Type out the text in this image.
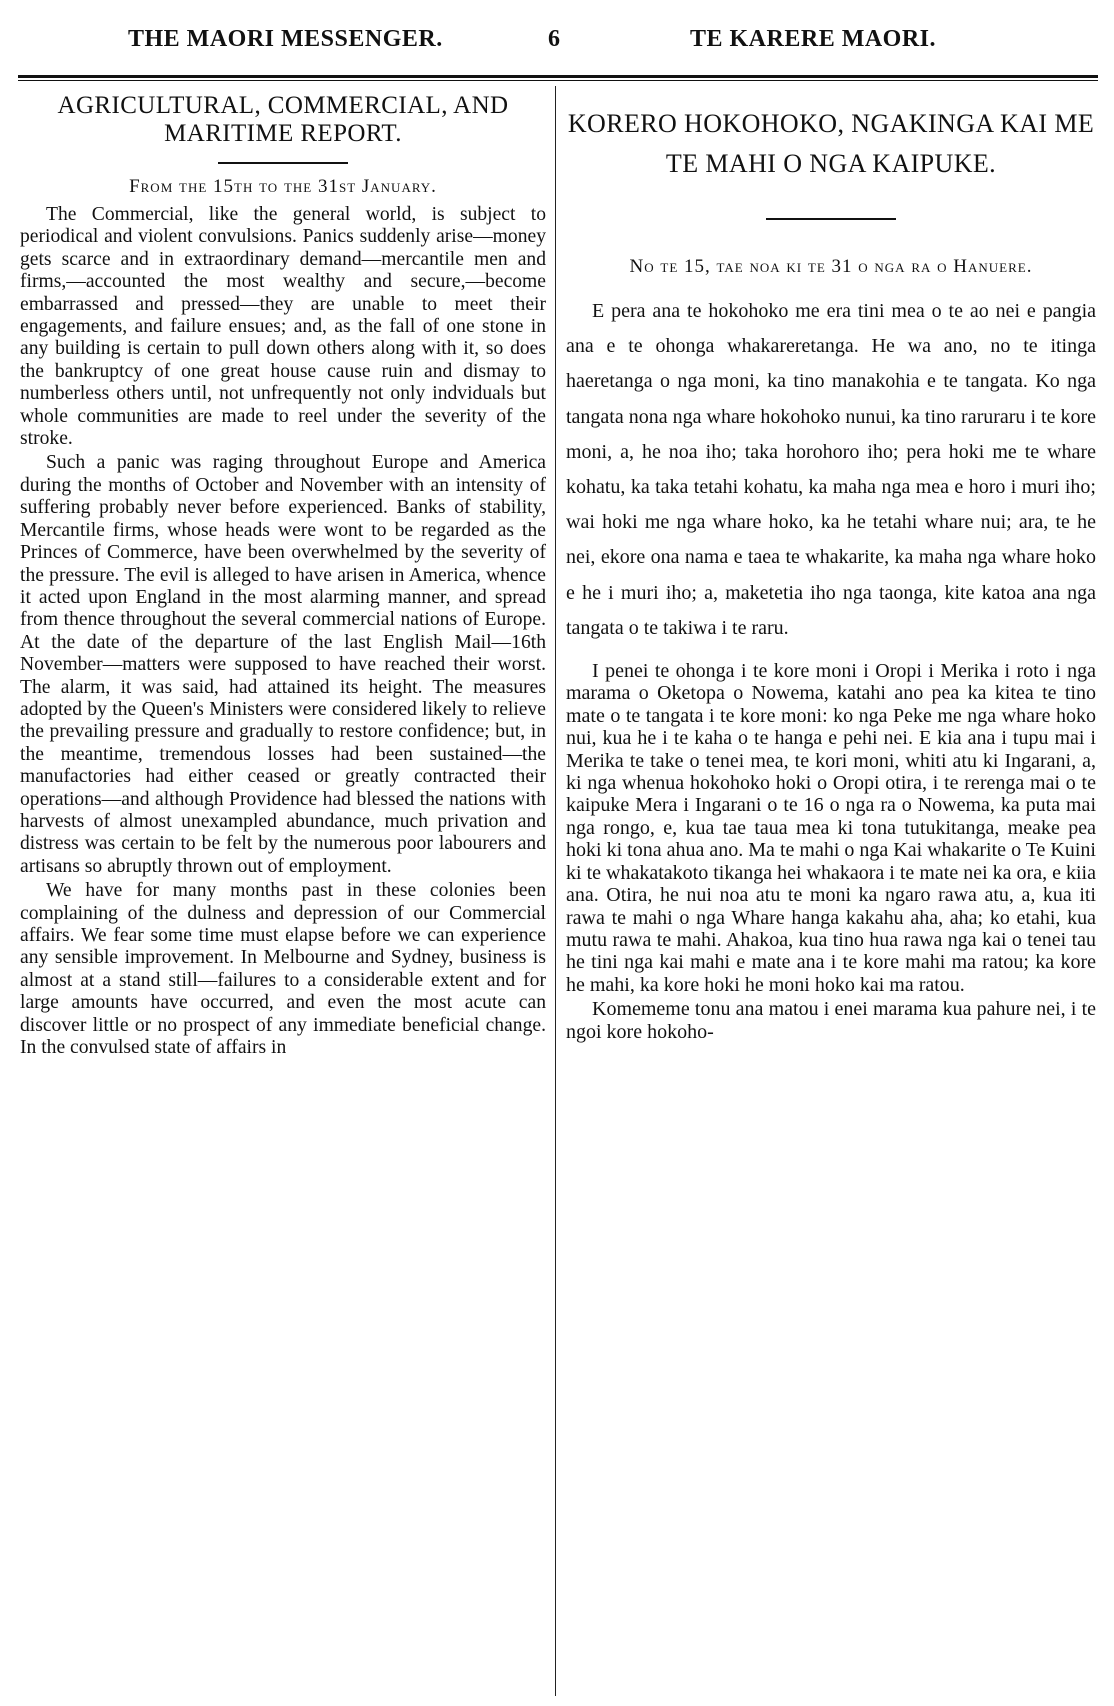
THE MAORI MESSENGER.	6	TE KARERE MAORI.
AGRICULTURAL, COMMERCIAL, AND MARITIME REPORT.

From the 15th to the 31st January.

The Commercial, like the general world, is subject to periodical and violent convulsions. Panics suddenly arise—money gets scarce and in extraordinary demand—mercantile men and firms,—accounted the most wealthy and secure,—become embarrassed and pressed—they are unable to meet their engagements, and failure ensues; and, as the fall of one stone in any building is certain to pull down others along with it, so does the bankruptcy of one great house cause ruin and dismay to numberless others until, not unfrequently not only indviduals but whole communities are made to reel under the severity of the stroke.

Such a panic was raging throughout Europe and America during the months of October and November with an intensity of suffering probably never before experienced. Banks of stability, Mercantile firms, whose heads were wont to be regarded as the Princes of Commerce, have been overwhelmed by the severity of the pressure. The evil is alleged to have arisen in America, whence it acted upon England in the most alarming manner, and spread from thence throughout the several commercial nations of Europe. At the date of the departure of the last English Mail—16th November—matters were supposed to have reached their worst. The alarm, it was said, had attained its height. The measures adopted by the Queen's Ministers were considered likely to relieve the prevailing pressure and gradually to restore confidence; but, in the meantime, tremendous losses had been sustained—the manufactories had either ceased or greatly contracted their operations—and although Providence had blessed the nations with harvests of almost unexampled abundance, much privation and distress was certain to be felt by the numerous poor labourers and artisans so abruptly thrown out of employment.

We have for many months past in these colonies been complaining of the dulness and depression of our Commercial affairs. We fear some time must elapse before we can experience any sensible improvement. In Melbourne and Sydney, business is almost at a stand still—failures to a considerable extent and for large amounts have occurred, and even the most acute can discover little or no prospect of any immediate beneficial change. In the convulsed state of affairs in

KORERO HOKOHOKO, NGAKINGA KAI ME TE MAHI O NGA KAIPUKE.

No te 15, tae noa ki te 31 o nga ra o Hanuere.

E pera ana te hokohoko me era tini mea o te ao nei e pangia ana e te ohonga whakareretanga. He wa ano, no te itinga haeretanga o nga moni, ka tino manakohia e te tangata. Ko nga tangata nona nga whare hokohoko nunui, ka tino raruraru i te kore moni, a, he noa iho; taka horohoro iho; pera hoki me te whare kohatu, ka taka tetahi kohatu, ka maha nga mea e horo i muri iho; wai hoki me nga whare hoko, ka he tetahi whare nui; ara, te he nei, ekore ona nama e taea te whakarite, ka maha nga whare hoko e he i muri iho; a, maketetia iho nga taonga, kite katoa ana nga tangata o te takiwa i te raru.

I penei te ohonga i te kore moni i Oropi i Merika i roto i nga marama o Oketopa o Nowema, katahi ano pea ka kitea te tino mate o te tangata i te kore moni: ko nga Peke me nga whare hoko nui, kua he i te kaha o te hanga e pehi nei. E kia ana i tupu mai i Merika te take o tenei mea, te kori moni, whiti atu ki Ingarani, a, ki nga whenua hokohoko hoki o Oropi otira, i te rerenga mai o te kaipuke Mera i Ingarani o te 16 o nga ra o Nowema, ka puta mai nga rongo, e, kua tae taua mea ki tona tutukitanga, meake pea hoki ki tona ahua ano. Ma te mahi o nga Kai whakarite o Te Kuini ki te whakatakoto tikanga hei whakaora i te mate nei ka ora, e kiia ana. Otira, he nui noa atu te moni ka ngaro rawa atu, a, kua iti rawa te mahi o nga Whare hanga kakahu aha, aha; ko etahi, kua mutu rawa te mahi. Ahakoa, kua tino hua rawa nga kai o tenei tau he tini nga kai mahi e mate ana i te kore mahi ma ratou; ka kore he mahi, ka kore hoki he moni hoko kai ma ratou.

Komememe tonu ana matou i enei marama kua pahure nei, i te ngoi kore hokoho-
